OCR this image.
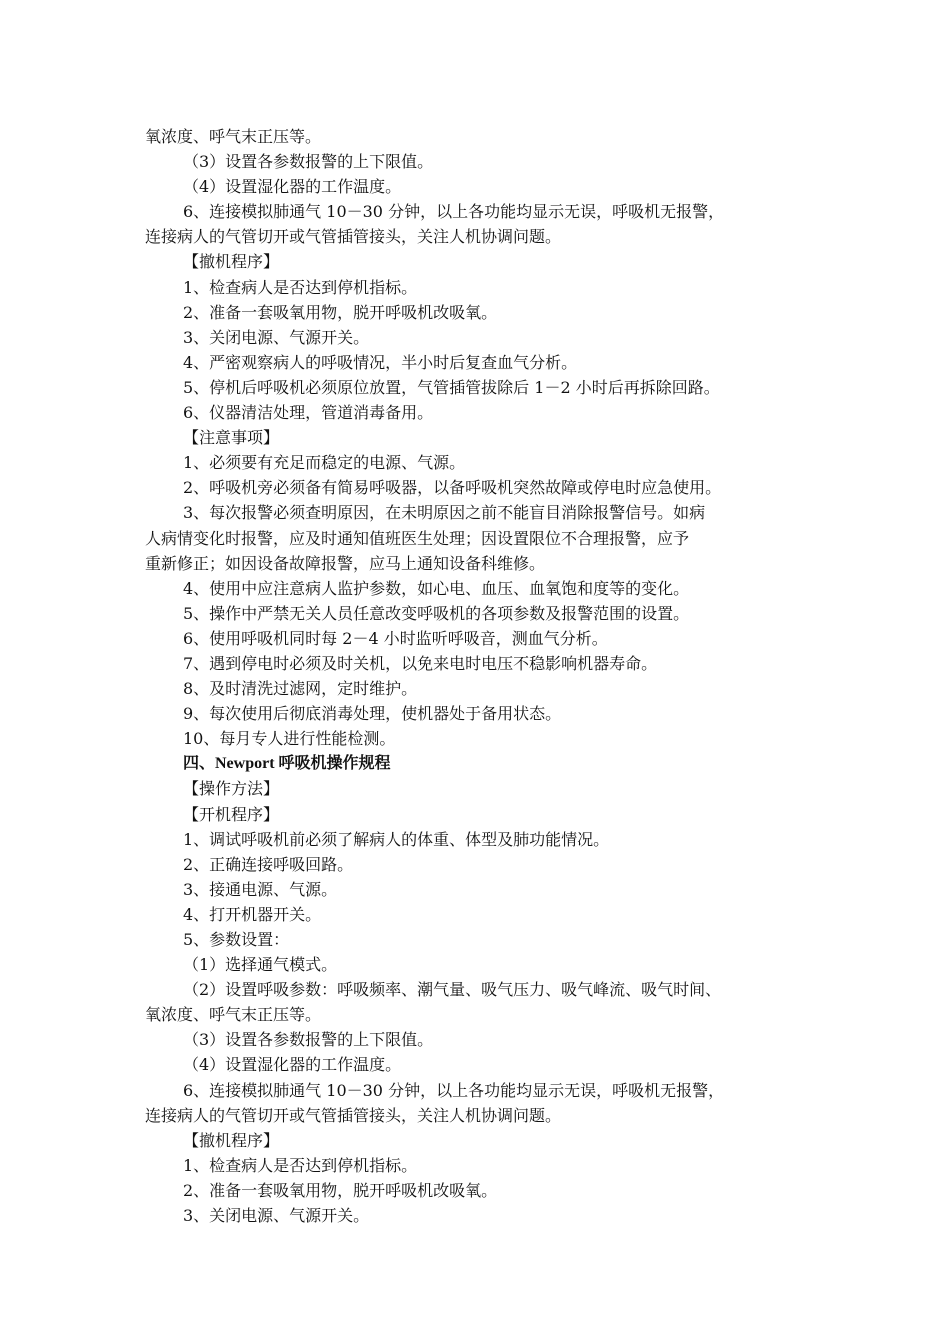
氧浓度、呼气末正压等。
（3）设置各参数报警的上下限值。
（4）设置湿化器的工作温度。
6、连接模拟肺通气 10－30 分钟，以上各功能均显示无误，呼吸机无报警，
连接病人的气管切开或气管插管接头，关注人机协调问题。
【撤机程序】
1、检查病人是否达到停机指标。
2、准备一套吸氧用物，脱开呼吸机改吸氧。
3、关闭电源、气源开关。
4、严密观察病人的呼吸情况，半小时后复查血气分析。
5、停机后呼吸机必须原位放置，气管插管拔除后 1－2 小时后再拆除回路。
6、仪器清洁处理，管道消毒备用。
【注意事项】
1、必须要有充足而稳定的电源、气源。
2、呼吸机旁必须备有简易呼吸器，以备呼吸机突然故障或停电时应急使用。
3、每次报警必须查明原因，在未明原因之前不能盲目消除报警信号。如病
人病情变化时报警，应及时通知值班医生处理；因设置限位不合理报警，应予
重新修正；如因设备故障报警，应马上通知设备科维修。
4、使用中应注意病人监护参数，如心电、血压、血氧饱和度等的变化。
5、操作中严禁无关人员任意改变呼吸机的各项参数及报警范围的设置。
6、使用呼吸机同时每 2－4 小时监听呼吸音，测血气分析。
7、遇到停电时必须及时关机，以免来电时电压不稳影响机器寿命。
8、及时清洗过滤网，定时维护。
9、每次使用后彻底消毒处理，使机器处于备用状态。
10、每月专人进行性能检测。
四、Newport 呼吸机操作规程
【操作方法】
【开机程序】
1、调试呼吸机前必须了解病人的体重、体型及肺功能情况。
2、正确连接呼吸回路。
3、接通电源、气源。
4、打开机器开关。
5、参数设置：
（1）选择通气模式。
（2）设置呼吸参数：呼吸频率、潮气量、吸气压力、吸气峰流、吸气时间、
氧浓度、呼气末正压等。
（3）设置各参数报警的上下限值。
（4）设置湿化器的工作温度。
6、连接模拟肺通气 10－30 分钟，以上各功能均显示无误，呼吸机无报警，
连接病人的气管切开或气管插管接头，关注人机协调问题。
【撤机程序】
1、检查病人是否达到停机指标。
2、准备一套吸氧用物，脱开呼吸机改吸氧。
3、关闭电源、气源开关。
